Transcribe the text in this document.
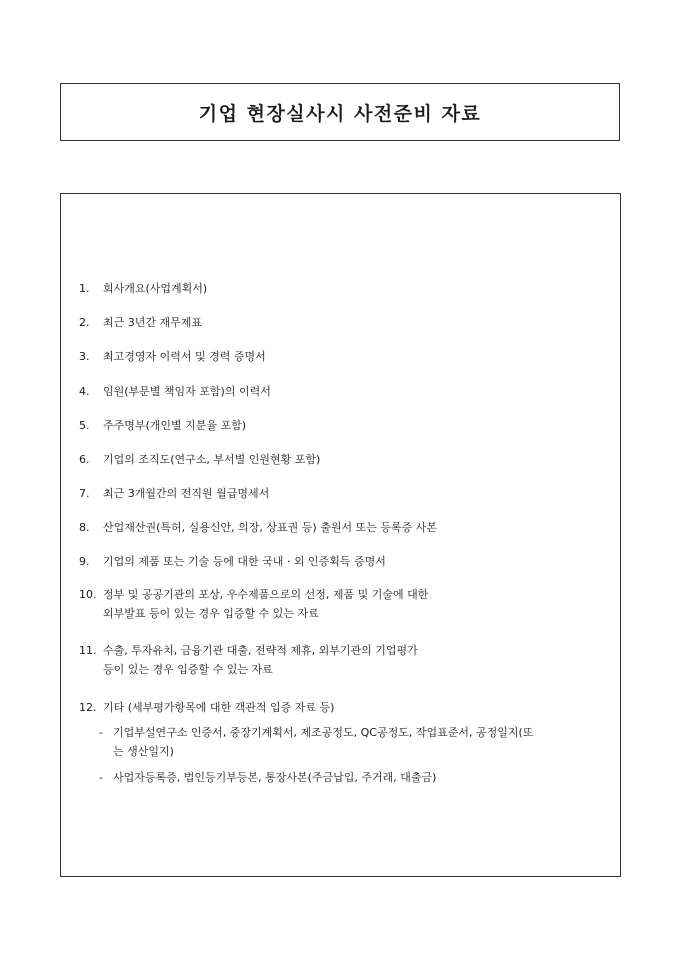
기업 현장실사시 사전준비 자료
1. 회사개요(사업계획서)
2. 최근 3년간 재무제표
3. 최고경영자 이력서 및 경력 증명서
4. 임원(부문별 책임자 포함)의 이력서
5. 주주명부(개인별 지분율 포함)
6. 기업의 조직도(연구소, 부서별 인원현황 포함)
7. 최근 3개월간의 전직원 월급명세서
8. 산업재산권(특허, 실용신안, 의장, 상표권 등) 출원서 또는 등록증 사본
9. 기업의 제품 또는 기술 등에 대한 국내 · 외 인증획득 증명서
10. 정부 및 공공기관의 포상, 우수제품으로의 선정, 제품 및 기술에 대한
외부발표 등이 있는 경우 입증할 수 있는 자료
11. 수출, 투자유치, 금융기관 대출, 전략적 제휴, 외부기관의 기업평가
등이 있는 경우 입증할 수 있는 자료
12. 기타 (세부평가항목에 대한 객관적 입증 자료 등)
- 기업부설연구소 인증서, 중장기계획서, 제조공정도, QC공정도, 작업표준서, 공정일지(또
는 생산일지)
- 사업자등록증, 법인등기부등본, 통장사본(주금납입, 주거래, 대출금)
